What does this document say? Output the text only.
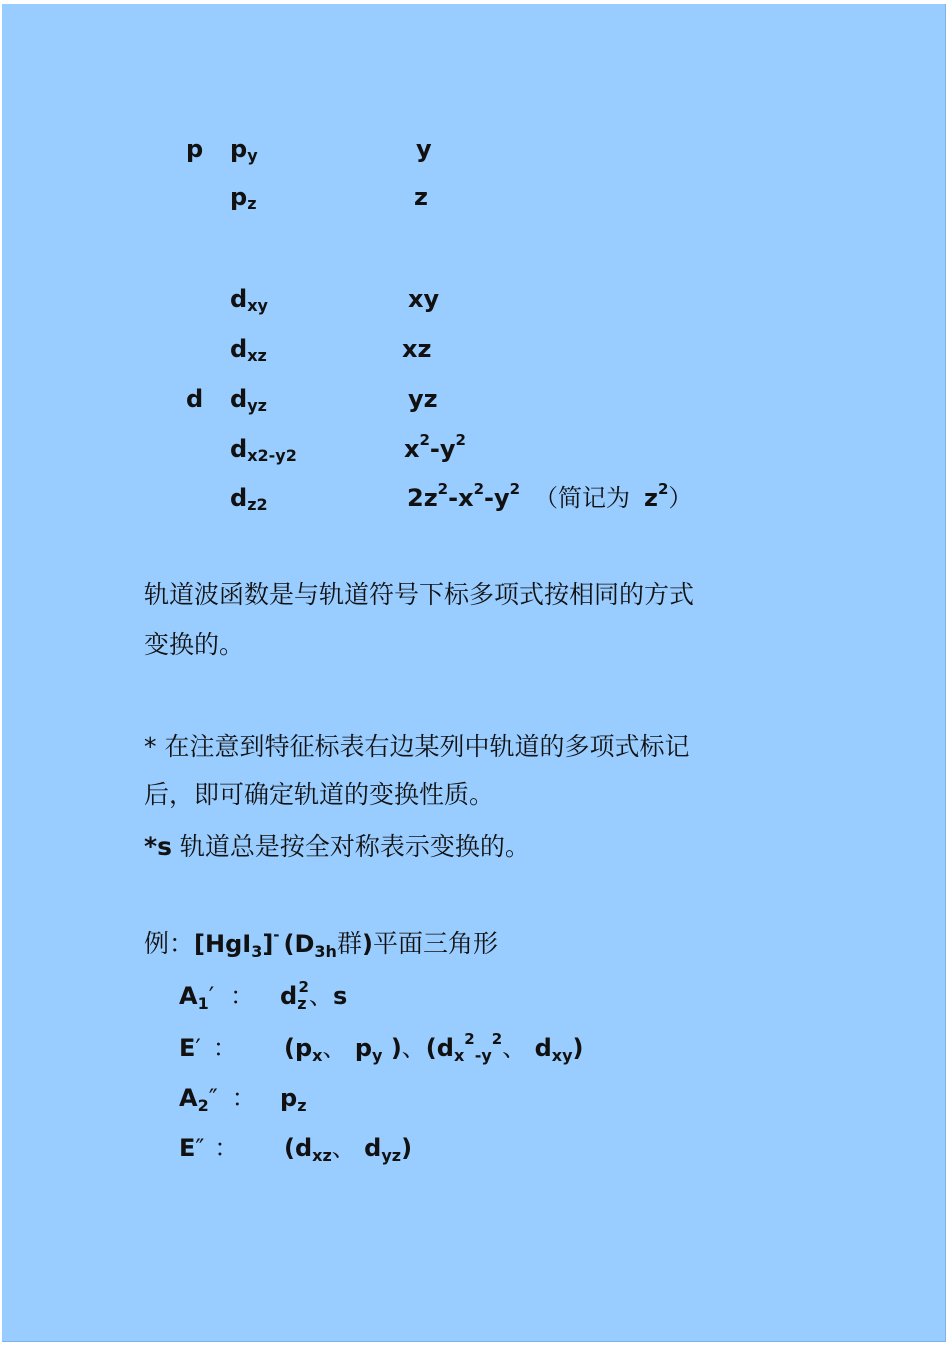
p $p_y$	y
$p_z$	z
$d_{xy}$	xy
$d_{xz}$	xz
d $d_{yz}$	yz
$d_{x2-y2}$	$x^2-y^2$
$d_{z2}$	$2z^2-x^2-y^2$ （简记为 $z^2$）
轨道波函数是与轨道符号下标多项式按相同的方式
变换的。
* 在注意到特征标表右边某列中轨道的多项式标记
后，即可确定轨道的变换性质。
*s 轨道总是按全对称表示变换的。
例：[HgI$_3$]- ($D_{3h}$群)平面三角形
$A_1'$ ： $d_z^2$、s
E′ ： ($p_x$、 $p_y$ )、($d_x^2_{-y}^2$、 $d_{xy}$)
$A_2''$ ： $p_z$
E″ ： ($d_{xz}$、 $d_{yz}$)
